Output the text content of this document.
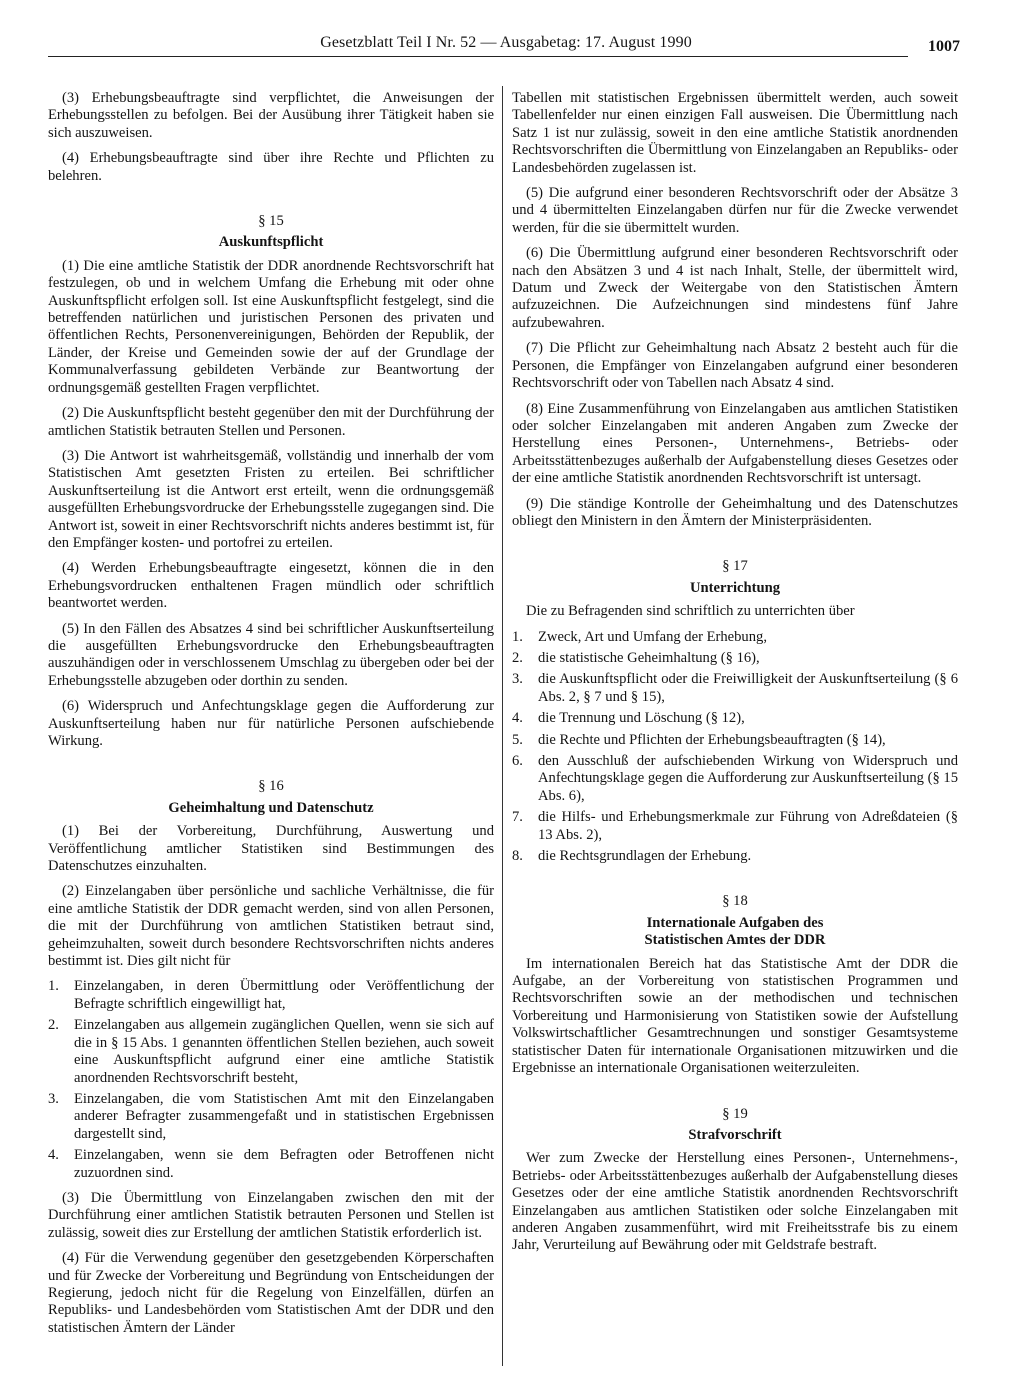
Gesetzblatt Teil I Nr. 52 — Ausgabetag: 17. August 1990	1007

(3) Erhebungsbeauftragte sind verpflichtet, die Anweisungen der Erhebungsstellen zu befolgen. Bei der Ausübung ihrer Tätigkeit haben sie sich auszuweisen.

(4) Erhebungsbeauftragte sind über ihre Rechte und Pflichten zu belehren.

§ 15
Auskunftspflicht

(1) Die eine amtliche Statistik der DDR anordnende Rechtsvorschrift hat festzulegen, ob und in welchem Umfang die Erhebung mit oder ohne Auskunftspflicht erfolgen soll. Ist eine Auskunftspflicht festgelegt, sind die betreffenden natürlichen und juristischen Personen des privaten und öffentlichen Rechts, Personenvereinigungen, Behörden der Republik, der Länder, der Kreise und Gemeinden sowie der auf der Grundlage der Kommunalverfassung gebildeten Verbände zur Beantwortung der ordnungsgemäß gestellten Fragen verpflichtet.

(2) Die Auskunftspflicht besteht gegenüber den mit der Durchführung der amtlichen Statistik betrauten Stellen und Personen.

(3) Die Antwort ist wahrheitsgemäß, vollständig und innerhalb der vom Statistischen Amt gesetzten Fristen zu erteilen. Bei schriftlicher Auskunftserteilung ist die Antwort erst erteilt, wenn die ordnungsgemäß ausgefüllten Erhebungsvordrucke der Erhebungsstelle zugegangen sind. Die Antwort ist, soweit in einer Rechtsvorschrift nichts anderes bestimmt ist, für den Empfänger kosten- und portofrei zu erteilen.

(4) Werden Erhebungsbeauftragte eingesetzt, können die in den Erhebungsvordrucken enthaltenen Fragen mündlich oder schriftlich beantwortet werden.

(5) In den Fällen des Absatzes 4 sind bei schriftlicher Auskunftserteilung die ausgefüllten Erhebungsvordrucke den Erhebungsbeauftragten auszuhändigen oder in verschlossenem Umschlag zu übergeben oder bei der Erhebungsstelle abzugeben oder dorthin zu senden.

(6) Widerspruch und Anfechtungsklage gegen die Aufforderung zur Auskunftserteilung haben nur für natürliche Personen aufschiebende Wirkung.

§ 16
Geheimhaltung und Datenschutz

(1) Bei der Vorbereitung, Durchführung, Auswertung und Veröffentlichung amtlicher Statistiken sind Bestimmungen des Datenschutzes einzuhalten.

(2) Einzelangaben über persönliche und sachliche Verhältnisse, die für eine amtliche Statistik der DDR gemacht werden, sind von allen Personen, die mit der Durchführung von amtlichen Statistiken betraut sind, geheimzuhalten, soweit durch besondere Rechtsvorschriften nichts anderes bestimmt ist. Dies gilt nicht für

1.	Einzelangaben, in deren Übermittlung oder Veröffentlichung der Befragte schriftlich eingewilligt hat,
2.	Einzelangaben aus allgemein zugänglichen Quellen, wenn sie sich auf die in § 15 Abs. 1 genannten öffentlichen Stellen beziehen, auch soweit eine Auskunftspflicht aufgrund einer eine amtliche Statistik anordnenden Rechtsvorschrift besteht,
3.	Einzelangaben, die vom Statistischen Amt mit den Einzelangaben anderer Befragter zusammengefaßt und in statistischen Ergebnissen dargestellt sind,
4.	Einzelangaben, wenn sie dem Befragten oder Betroffenen nicht zuzuordnen sind.

(3) Die Übermittlung von Einzelangaben zwischen den mit der Durchführung einer amtlichen Statistik betrauten Personen und Stellen ist zulässig, soweit dies zur Erstellung der amtlichen Statistik erforderlich ist.

(4) Für die Verwendung gegenüber den gesetzgebenden Körperschaften und für Zwecke der Vorbereitung und Begründung von Entscheidungen der Regierung, jedoch nicht für die Regelung von Einzelfällen, dürfen an Republiks- und Landesbehörden vom Statistischen Amt der DDR und den statistischen Ämtern der Länder

Tabellen mit statistischen Ergebnissen übermittelt werden, auch soweit Tabellenfelder nur einen einzigen Fall ausweisen. Die Übermittlung nach Satz 1 ist nur zulässig, soweit in den eine amtliche Statistik anordnenden Rechtsvorschriften die Übermittlung von Einzelangaben an Republiks- oder Landesbehörden zugelassen ist.

(5) Die aufgrund einer besonderen Rechtsvorschrift oder der Absätze 3 und 4 übermittelten Einzelangaben dürfen nur für die Zwecke verwendet werden, für die sie übermittelt wurden.

(6) Die Übermittlung aufgrund einer besonderen Rechtsvorschrift oder nach den Absätzen 3 und 4 ist nach Inhalt, Stelle, der übermittelt wird, Datum und Zweck der Weitergabe von den Statistischen Ämtern aufzuzeichnen. Die Aufzeichnungen sind mindestens fünf Jahre aufzubewahren.

(7) Die Pflicht zur Geheimhaltung nach Absatz 2 besteht auch für die Personen, die Empfänger von Einzelangaben aufgrund einer besonderen Rechtsvorschrift oder von Tabellen nach Absatz 4 sind.

(8) Eine Zusammenführung von Einzelangaben aus amtlichen Statistiken oder solcher Einzelangaben mit anderen Angaben zum Zwecke der Herstellung eines Personen-, Unternehmens-, Betriebs- oder Arbeitsstättenbezuges außerhalb der Aufgabenstellung dieses Gesetzes oder der eine amtliche Statistik anordnenden Rechtsvorschrift ist untersagt.

(9) Die ständige Kontrolle der Geheimhaltung und des Datenschutzes obliegt den Ministern in den Ämtern der Ministerpräsidenten.

§ 17
Unterrichtung

Die zu Befragenden sind schriftlich zu unterrichten über

1.	Zweck, Art und Umfang der Erhebung,
2.	die statistische Geheimhaltung (§ 16),
3.	die Auskunftspflicht oder die Freiwilligkeit der Auskunftserteilung (§ 6 Abs. 2, § 7 und § 15),
4.	die Trennung und Löschung (§ 12),
5.	die Rechte und Pflichten der Erhebungsbeauftragten (§ 14),
6.	den Ausschluß der aufschiebenden Wirkung von Widerspruch und Anfechtungsklage gegen die Aufforderung zur Auskunftserteilung (§ 15 Abs. 6),
7.	die Hilfs- und Erhebungsmerkmale zur Führung von Adreßdateien (§ 13 Abs. 2),
8.	die Rechtsgrundlagen der Erhebung.
§ 18
Internationale Aufgaben des
Statistischen Amtes der DDR

Im internationalen Bereich hat das Statistische Amt der DDR die Aufgabe, an der Vorbereitung von statistischen Programmen und Rechtsvorschriften sowie an der methodischen und technischen Vorbereitung und Harmonisierung von Statistiken sowie der Aufstellung Volkswirtschaftlicher Gesamtrechnungen und sonstiger Gesamtsysteme statistischer Daten für internationale Organisationen mitzuwirken und die Ergebnisse an internationale Organisationen weiterzuleiten.

§ 19
Strafvorschrift

Wer zum Zwecke der Herstellung eines Personen-, Unternehmens-, Betriebs- oder Arbeitsstättenbezuges außerhalb der Aufgabenstellung dieses Gesetzes oder der eine amtliche Statistik anordnenden Rechtsvorschrift Einzelangaben aus amtlichen Statistiken oder solche Einzelangaben mit anderen Angaben zusammenführt, wird mit Freiheitsstrafe bis zu einem Jahr, Verurteilung auf Bewährung oder mit Geldstrafe bestraft.
